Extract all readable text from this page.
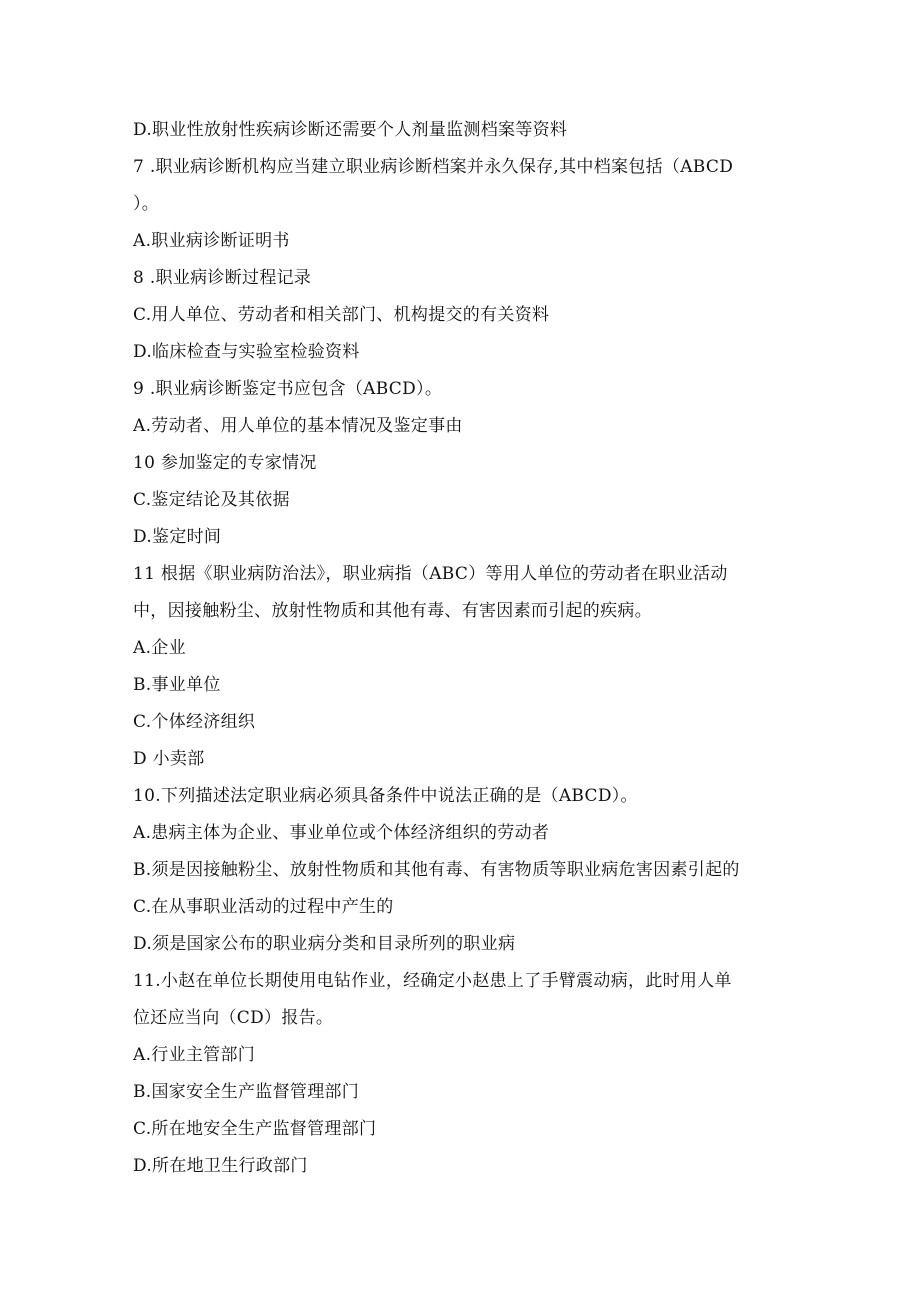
D.职业性放射性疾病诊断还需要个人剂量监测档案等资料
7 .职业病诊断机构应当建立职业病诊断档案并永久保存,其中档案包括（ABCD
）。
A.职业病诊断证明书
8 .职业病诊断过程记录
C.用人单位、劳动者和相关部门、机构提交的有关资料
D.临床检查与实验室检验资料
9 .职业病诊断鉴定书应包含（ABCD）。
A.劳动者、用人单位的基本情况及鉴定事由
10 参加鉴定的专家情况
C.鉴定结论及其依据
D.鉴定时间
11 根据《职业病防治法》，职业病指（ABC）等用人单位的劳动者在职业活动
中，因接触粉尘、放射性物质和其他有毒、有害因素而引起的疾病。
A.企业
B.事业单位
C.个体经济组织
D 小卖部
10.下列描述法定职业病必须具备条件中说法正确的是（ABCD）。
A.患病主体为企业、事业单位或个体经济组织的劳动者
B.须是因接触粉尘、放射性物质和其他有毒、有害物质等职业病危害因素引起的
C.在从事职业活动的过程中产生的
D.须是国家公布的职业病分类和目录所列的职业病
11.小赵在单位长期使用电钻作业，经确定小赵患上了手臂震动病，此时用人单
位还应当向（CD）报告。
A.行业主管部门
B.国家安全生产监督管理部门
C.所在地安全生产监督管理部门
D.所在地卫生行政部门
